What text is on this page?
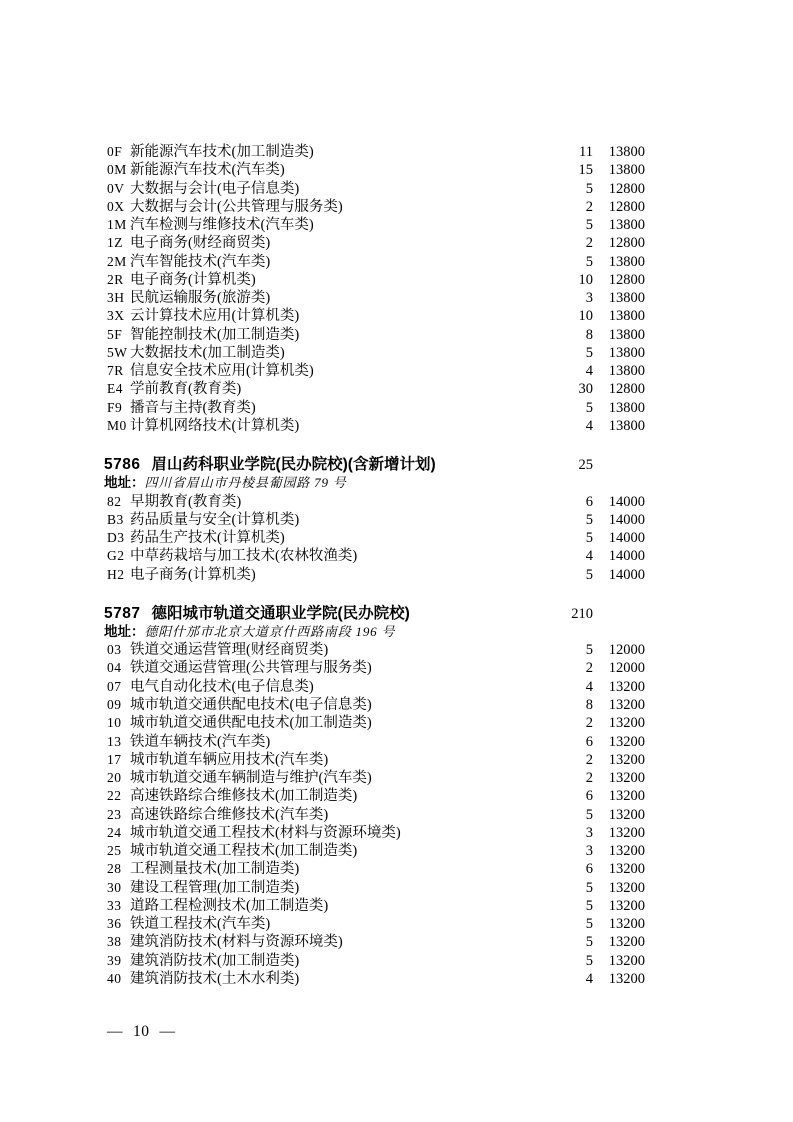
0F 新能源汽车技术(加工制造类)	11	13800
0M 新能源汽车技术(汽车类)	15	13800
0V 大数据与会计(电子信息类)	5	12800
0X 大数据与会计(公共管理与服务类)	2	12800
1M 汽车检测与维修技术(汽车类)	5	13800
1Z 电子商务(财经商贸类)	2	12800
2M 汽车智能技术(汽车类)	5	13800
2R 电子商务(计算机类)	10	12800
3H 民航运输服务(旅游类)	3	13800
3X 云计算技术应用(计算机类)	10	13800
5F 智能控制技术(加工制造类)	8	13800
5W 大数据技术(加工制造类)	5	13800
7R 信息安全技术应用(计算机类)	4	13800
E4 学前教育(教育类)	30	12800
F9 播音与主持(教育类)	5	13800
M0 计算机网络技术(计算机类)	4	13800
5786 眉山药科职业学院(民办院校)(含新增计划)	25
地址： 四川省眉山市丹棱县葡园路 79 号
82 早期教育(教育类)	6	14000
B3 药品质量与安全(计算机类)	5	14000
D3 药品生产技术(计算机类)	5	14000
G2 中草药栽培与加工技术(农林牧渔类)	4	14000
H2 电子商务(计算机类)	5	14000
5787 德阳城市轨道交通职业学院(民办院校)	210
地址： 德阳什邡市北京大道京什西路南段 196 号
03 铁道交通运营管理(财经商贸类)	5	12000
04 铁道交通运营管理(公共管理与服务类)	2	12000
07 电气自动化技术(电子信息类)	4	13200
09 城市轨道交通供配电技术(电子信息类)	8	13200
10 城市轨道交通供配电技术(加工制造类)	2	13200
13 铁道车辆技术(汽车类)	6	13200
17 城市轨道车辆应用技术(汽车类)	2	13200
20 城市轨道交通车辆制造与维护(汽车类)	2	13200
22 高速铁路综合维修技术(加工制造类)	6	13200
23 高速铁路综合维修技术(汽车类)	5	13200
24 城市轨道交通工程技术(材料与资源环境类)	3	13200
25 城市轨道交通工程技术(加工制造类)	3	13200
28 工程测量技术(加工制造类)	6	13200
30 建设工程管理(加工制造类)	5	13200
33 道路工程检测技术(加工制造类)	5	13200
36 铁道工程技术(汽车类)	5	13200
38 建筑消防技术(材料与资源环境类)	5	13200
39 建筑消防技术(加工制造类)	5	13200
40 建筑消防技术(土木水利类)	4	13200
— 10 —
